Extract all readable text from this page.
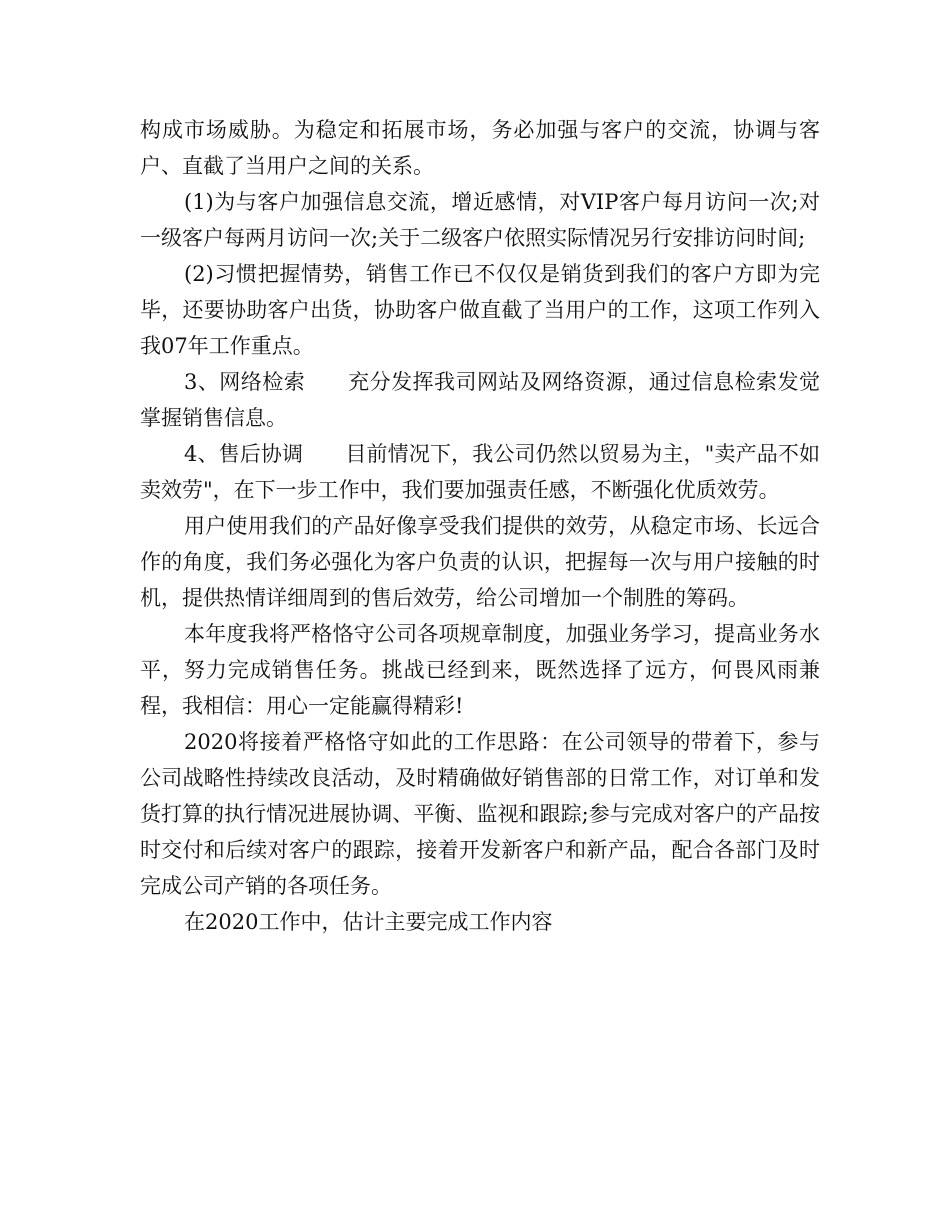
构成市场威胁。为稳定和拓展市场，务必加强与客户的交流，协调与客户、直截了当用户之间的关系。

(1)为与客户加强信息交流，增近感情，对VIP客户每月访问一次;对一级客户每两月访问一次;关于二级客户依照实际情况另行安排访问时间;

(2)习惯把握情势，销售工作已不仅仅是销货到我们的客户方即为完毕，还要协助客户出货，协助客户做直截了当用户的工作，这项工作列入我07年工作重点。

3、网络检索　　充分发挥我司网站及网络资源，通过信息检索发觉掌握销售信息。

4、售后协调　　目前情况下，我公司仍然以贸易为主，"卖产品不如卖效劳"，在下一步工作中，我们要加强责任感，不断强化优质效劳。

用户使用我们的产品好像享受我们提供的效劳，从稳定市场、长远合作的角度，我们务必强化为客户负责的认识，把握每一次与用户接触的时机，提供热情详细周到的售后效劳，给公司增加一个制胜的筹码。

本年度我将严格恪守公司各项规章制度，加强业务学习，提高业务水平，努力完成销售任务。挑战已经到来，既然选择了远方，何畏风雨兼程，我相信：用心一定能赢得精彩!

2020将接着严格恪守如此的工作思路：在公司领导的带着下，参与公司战略性持续改良活动，及时精确做好销售部的日常工作，对订单和发货打算的执行情况进展协调、平衡、监视和跟踪;参与完成对客户的产品按时交付和后续对客户的跟踪，接着开发新客户和新产品，配合各部门及时完成公司产销的各项任务。

在2020工作中，估计主要完成工作内容
